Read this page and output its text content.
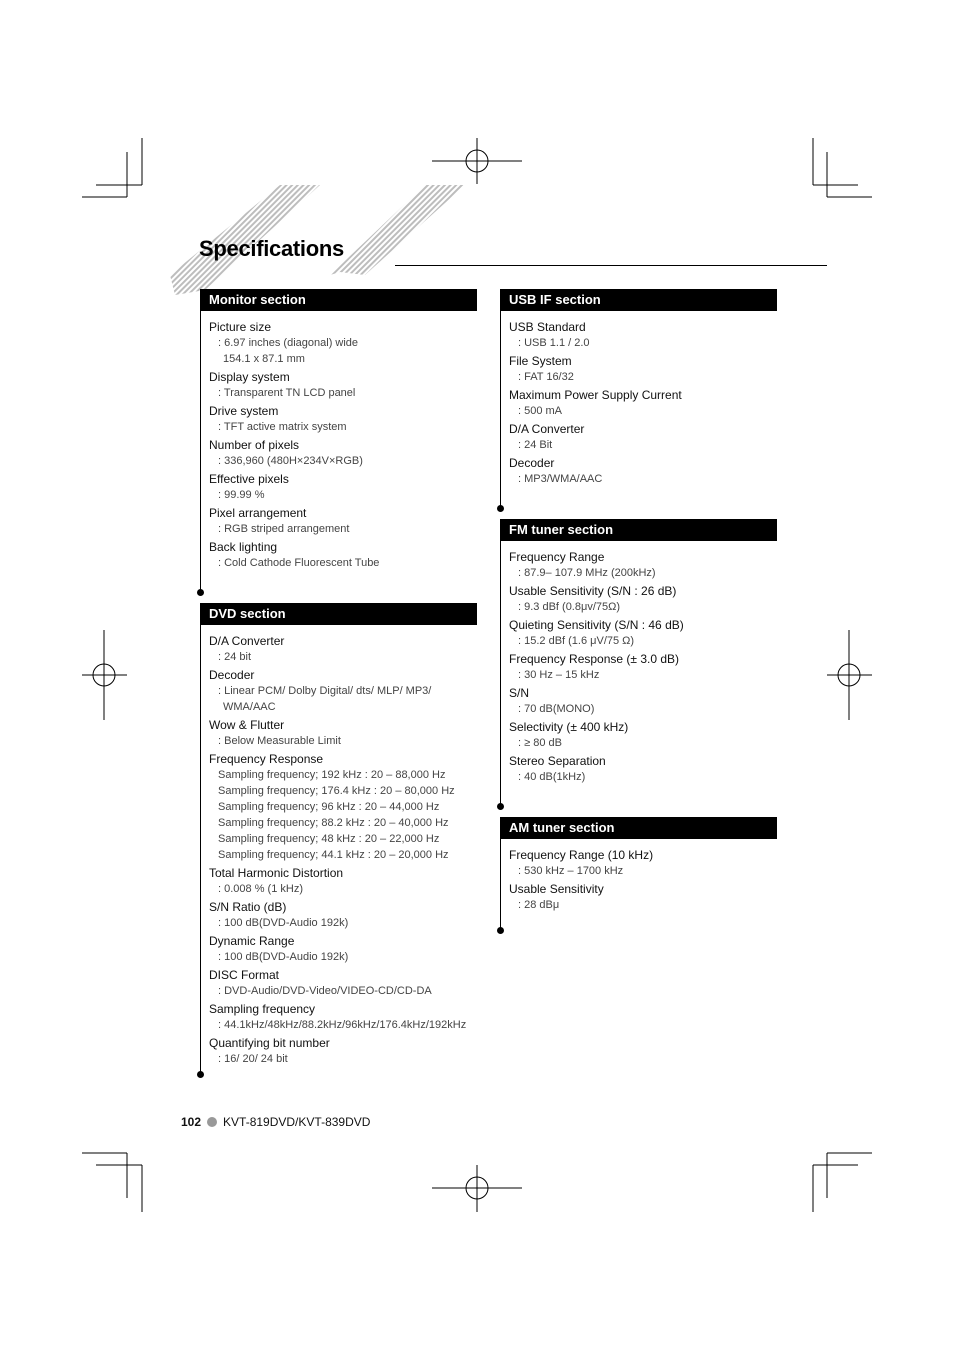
Specifications
Monitor section
Picture size
: 6.97 inches (diagonal) wide
154.1 x 87.1 mm
Display system
: Transparent TN LCD panel
Drive system
: TFT active matrix system
Number of pixels
: 336,960 (480H×234V×RGB)
Effective pixels
: 99.99 %
Pixel arrangement
: RGB striped arrangement
Back lighting
: Cold Cathode Fluorescent Tube
DVD section
D/A Converter
: 24 bit
Decoder
: Linear PCM/ Dolby Digital/ dts/ MLP/ MP3/
WMA/AAC
Wow & Flutter
: Below Measurable Limit
Frequency Response
Sampling frequency; 192 kHz : 20 – 88,000 Hz
Sampling frequency; 176.4 kHz : 20 – 80,000 Hz
Sampling frequency; 96 kHz : 20 – 44,000 Hz
Sampling frequency; 88.2 kHz : 20 – 40,000 Hz
Sampling frequency; 48 kHz : 20 – 22,000 Hz
Sampling frequency; 44.1 kHz : 20 – 20,000 Hz
Total Harmonic Distortion
: 0.008 % (1 kHz)
S/N Ratio (dB)
: 100 dB(DVD-Audio 192k)
Dynamic Range
: 100 dB(DVD-Audio 192k)
DISC Format
: DVD-Audio/DVD-Video/VIDEO-CD/CD-DA
Sampling frequency
: 44.1kHz/48kHz/88.2kHz/96kHz/176.4kHz/192kHz
Quantifying bit number
: 16/ 20/ 24 bit
USB IF section
USB Standard
: USB 1.1 / 2.0
File System
: FAT 16/32
Maximum Power Supply Current
: 500 mA
D/A Converter
: 24 Bit
Decoder
: MP3/WMA/AAC
FM tuner section
Frequency Range
: 87.9– 107.9 MHz (200kHz)
Usable Sensitivity (S/N : 26 dB)
: 9.3 dBf (0.8μv/75Ω)
Quieting Sensitivity (S/N : 46 dB)
: 15.2 dBf (1.6 μV/75 Ω)
Frequency Response (± 3.0 dB)
: 30 Hz – 15 kHz
S/N
: 70 dB(MONO)
Selectivity (± 400 kHz)
: ≥ 80 dB
Stereo Separation
: 40 dB(1kHz)
AM tuner section
Frequency Range (10 kHz)
: 530 kHz – 1700 kHz
Usable Sensitivity
: 28 dBμ
102 KVT-819DVD/KVT-839DVD
